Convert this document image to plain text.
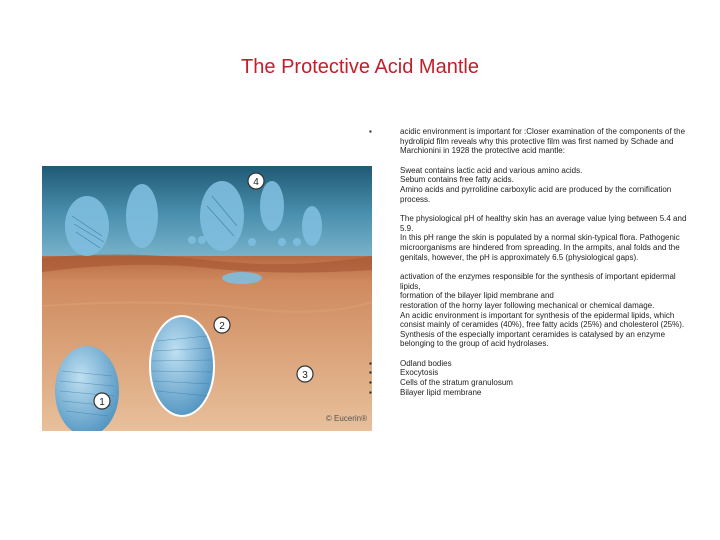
The Protective Acid Mantle
4
2
3
1
© Eucerin®
▪	acidic environment is important for :Closer examination of the components of the hydrolipid film reveals why this protective film was first named by Schade and Marchionini in 1928 the protective acid mantle:
Sweat contains lactic acid and various amino acids.
Sebum contains free fatty acids.
Amino acids and pyrrolidine carboxylic acid are produced by the cornification process.
The physiological pH of healthy skin has an average value lying between 5.4 and 5.9.
In this pH range the skin is populated by a normal skin-typical flora. Pathogenic microorganisms are hindered from spreading. In the armpits, anal folds and the genitals, however, the pH is approximately 6.5 (physiological gaps).
activation of the enzymes responsible for the synthesis of important epidermal lipids,
formation of the bilayer lipid membrane and
restoration of the horny layer following mechanical or chemical damage.
An acidic environment is important for synthesis of the epidermal lipids, which consist mainly of ceramides (40%), free fatty acids (25%) and cholesterol (25%). Synthesis of the especially important ceramides is catalysed by an enzyme belonging to the group of acid hydrolases.
▪	Odland bodies
▪	Exocytosis
▪	Cells of the stratum granulosum
▪	Bilayer lipid membrane
